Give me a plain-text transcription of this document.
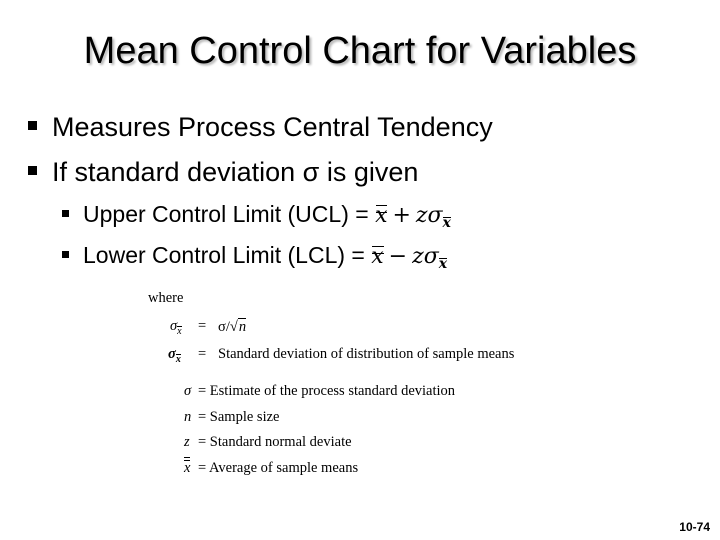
Mean Control Chart for Variables
Measures Process Central Tendency
If standard deviation σ is given
Upper Control Limit (UCL) = x + zσ
$_x$
Lower Control Limit (LCL) = x − zσ
$_x$
where
σ
$_x$ = σ/√n
σ
$_x$ = Standard deviation of distribution of sample means
σ = Estimate of the process standard deviation
n = Sample size
z = Standard normal deviate
x = Average of sample means
10-74
